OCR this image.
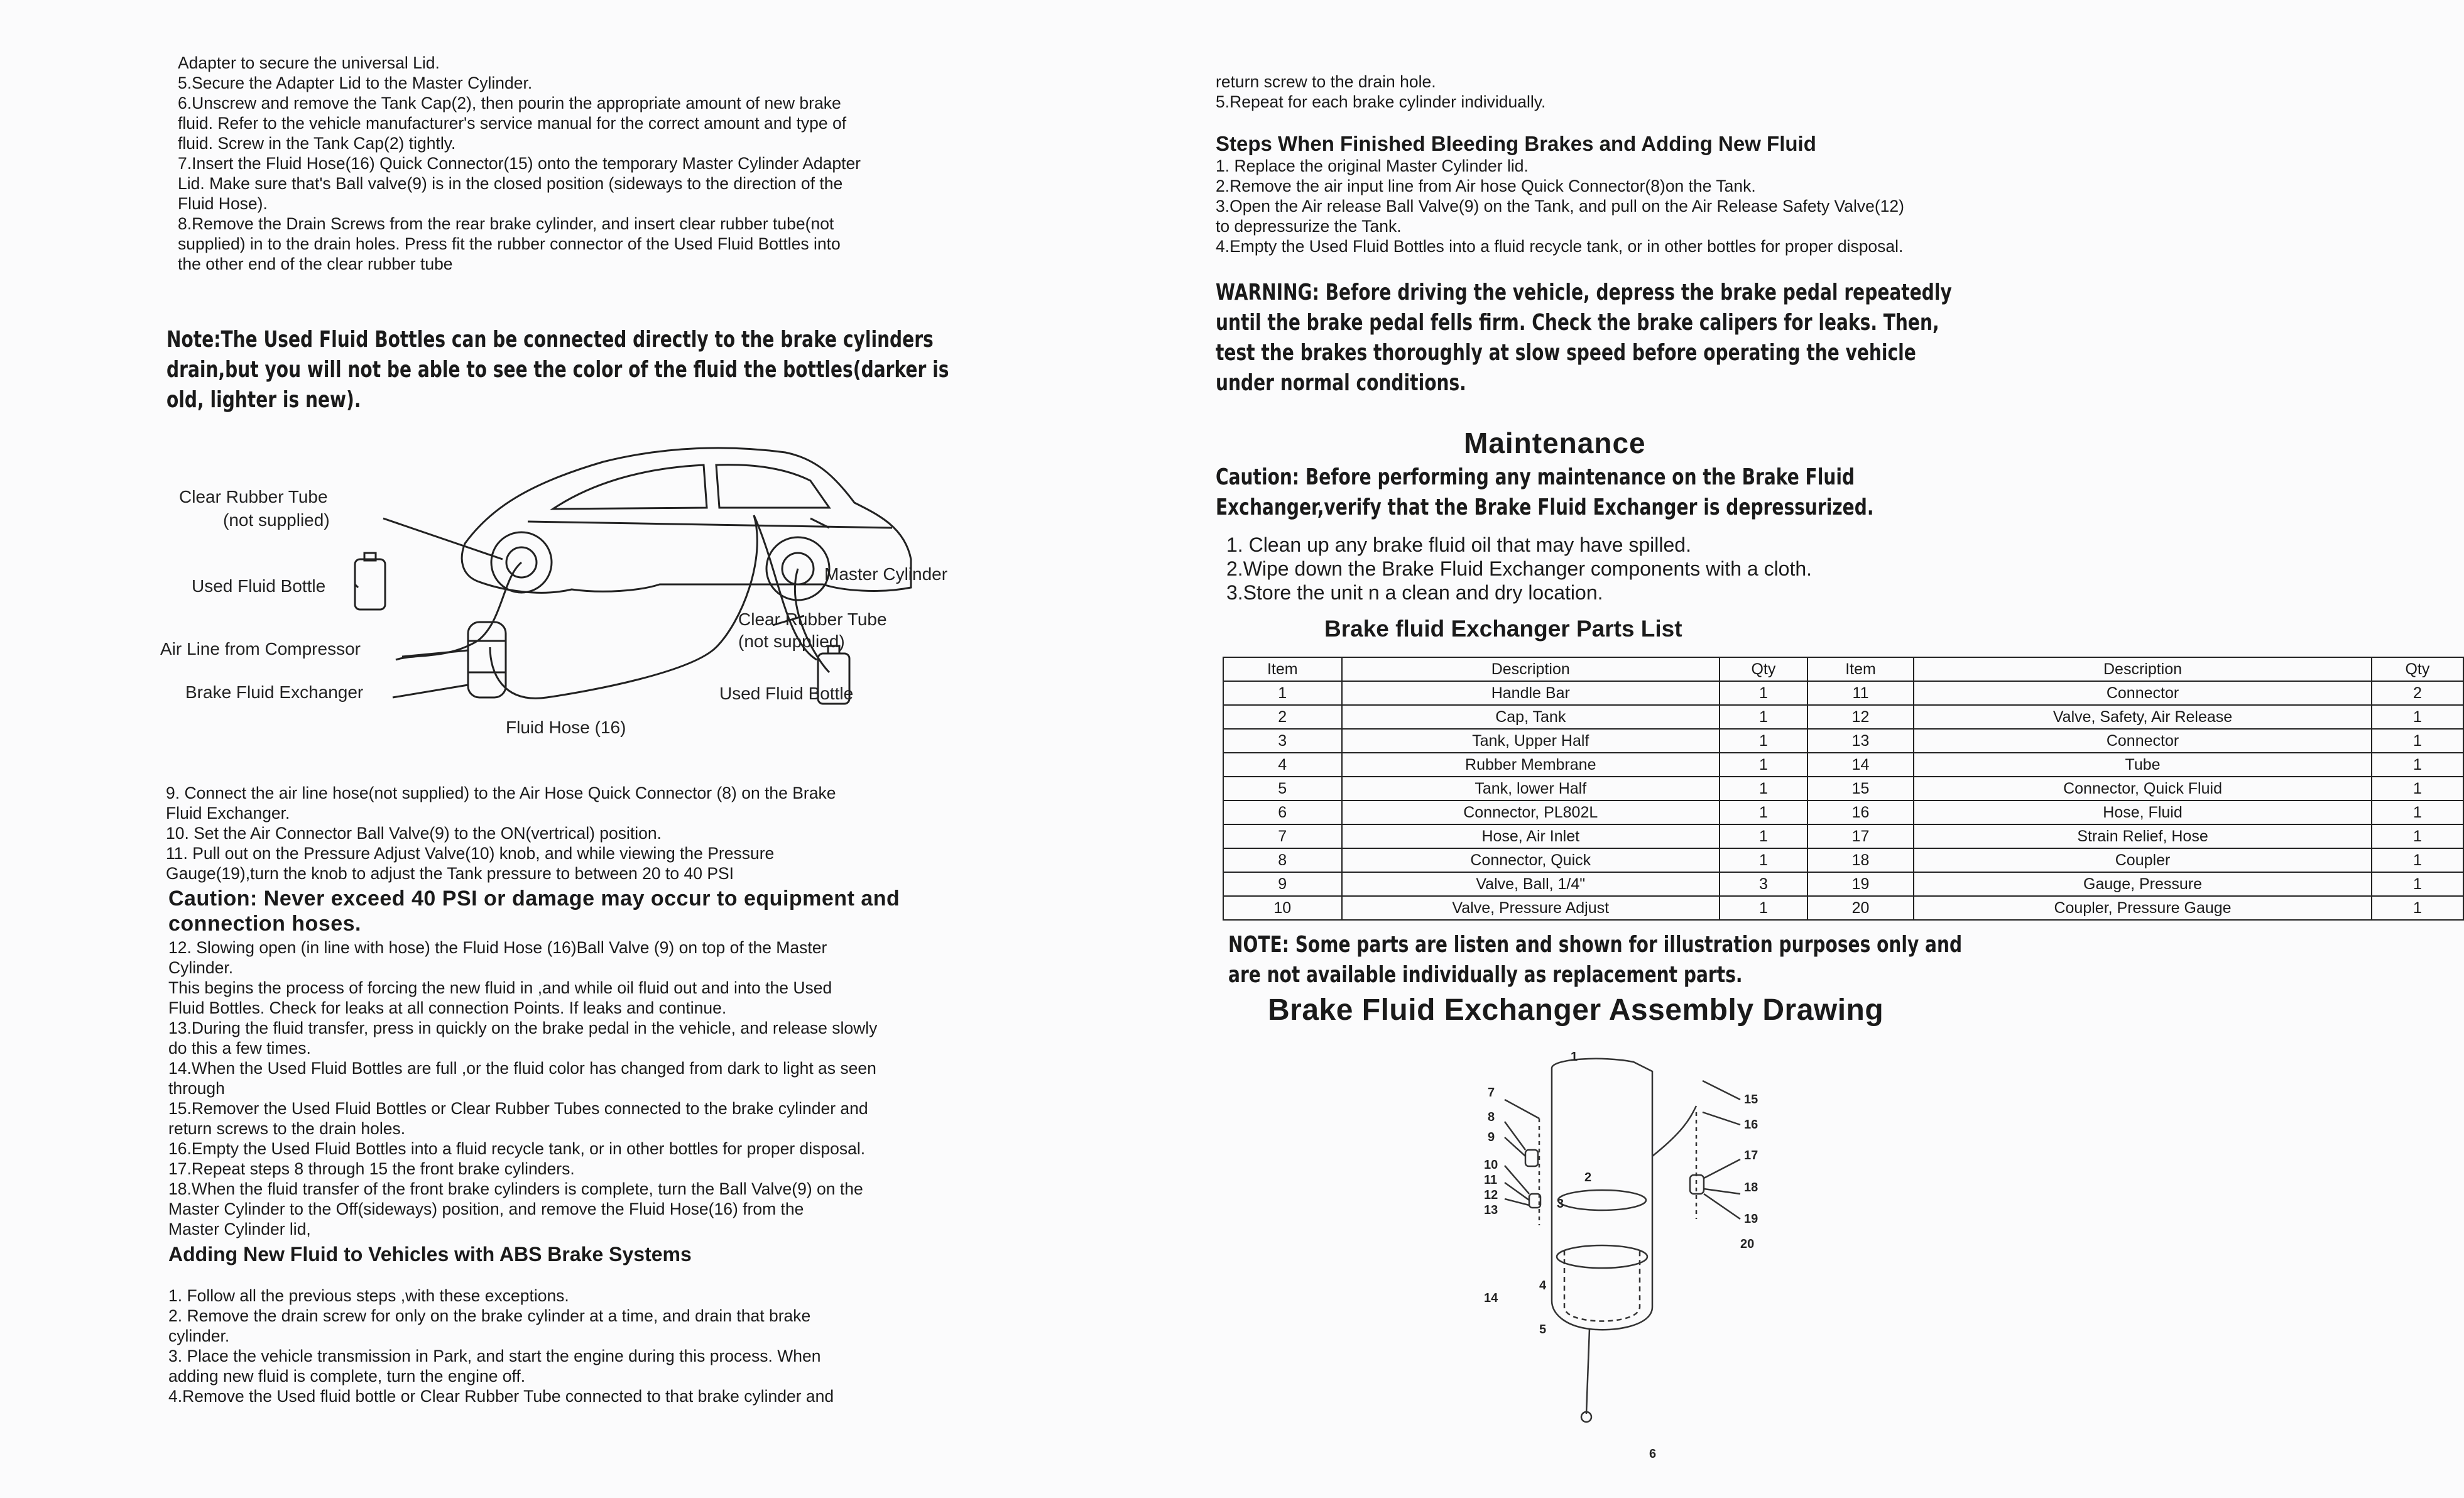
Adapter to secure the universal Lid.
5.Secure the Adapter Lid to the Master Cylinder.
6.Unscrew and remove the Tank Cap(2), then pourin the appropriate amount of new brake
fluid. Refer to the vehicle manufacturer's service manual for the correct amount and type of
fluid. Screw in the Tank Cap(2) tightly.
7.Insert the Fluid Hose(16) Quick Connector(15) onto the temporary Master Cylinder Adapter
Lid. Make sure that's Ball valve(9) is in the closed position (sideways to the direction of the
Fluid Hose).
8.Remove the Drain Screws from the rear brake cylinder, and insert clear rubber tube(not
supplied) in to the drain holes. Press fit the rubber connector of the Used Fluid Bottles into
the other end of the clear rubber tube
Note:The Used Fluid Bottles can be connected directly to the brake cylinders
drain,but you will not be able to see the color of the fluid the bottles(darker is
old, lighter is new).
Clear Rubber Tube
(not supplied)
Used Fluid Bottle
Air Line from Compressor
Brake Fluid Exchanger
Fluid Hose (16)
Master Cylinder
Clear Rubber Tube
(not supplied)
Used Fluid Bottle
9. Connect the air line hose(not supplied) to the Air Hose Quick Connector (8) on the Brake
Fluid Exchanger.
10. Set the Air Connector Ball Valve(9) to the ON(vertrical) position.
11. Pull out on the Pressure Adjust Valve(10) knob, and while viewing the Pressure
Gauge(19),turn the knob to adjust the Tank pressure to between 20 to 40 PSI
Caution: Never exceed 40 PSI or damage may occur to equipment and
connection hoses.
12. Slowing open (in line with hose) the Fluid Hose (16)Ball Valve (9) on top of the Master
Cylinder.
This begins the process of forcing the new fluid in ,and while oil fluid out and into the Used
Fluid Bottles. Check for leaks at all connection Points. If leaks and continue.
13.During the fluid transfer, press in quickly on the brake pedal in the vehicle, and release slowly
do this a few times.
14.When the Used Fluid Bottles are full ,or the fluid color has changed from dark to light as seen
through
15.Remover the Used Fluid Bottles or Clear Rubber Tubes connected to the brake cylinder and
return screws to the drain holes.
16.Empty the Used Fluid Bottles into a fluid recycle tank, or in other bottles for proper disposal.
17.Repeat steps 8 through 15 the front brake cylinders.
18.When the fluid transfer of the front brake cylinders is complete, turn the Ball Valve(9) on the
Master Cylinder to the Off(sideways) position, and remove the Fluid Hose(16) from the
Master Cylinder lid,
Adding New Fluid to Vehicles with ABS Brake Systems
1. Follow all the previous steps ,with these exceptions.
2. Remove the drain screw for only on the brake cylinder at a time, and drain that brake
cylinder.
3. Place the vehicle transmission in Park, and start the engine during this process. When
adding new fluid is complete, turn the engine off.
4.Remove the Used fluid bottle or Clear Rubber Tube connected to that brake cylinder and
return screw to the drain hole.
5.Repeat for each brake cylinder individually.
Steps When Finished Bleeding Brakes and Adding New Fluid
1. Replace the original Master Cylinder lid.
2.Remove the air input line from Air hose Quick Connector(8)on the Tank.
3.Open the Air release Ball Valve(9) on the Tank, and pull on the Air Release Safety Valve(12)
to depressurize the Tank.
4.Empty the Used Fluid Bottles into a fluid recycle tank, or in other bottles for proper disposal.
WARNING: Before driving the vehicle, depress the brake pedal repeatedly
until the brake pedal fells firm. Check the brake calipers for leaks. Then,
test the brakes thoroughly at slow speed before operating the vehicle
under normal conditions.
Maintenance
Caution: Before performing any maintenance on the Brake Fluid
Exchanger,verify that the Brake Fluid Exchanger is depressurized.
1. Clean up any brake fluid oil that may have spilled.
2.Wipe down the Brake Fluid Exchanger components with a cloth.
3.Store the unit n a clean and dry location.
Brake fluid Exchanger Parts List
Item	Description	Qty	Item	Description	Qty
1	Handle Bar	1	11	Connector	2
2	Cap, Tank	1	12	Valve, Safety, Air Release	1
3	Tank, Upper Half	1	13	Connector	1
4	Rubber Membrane	1	14	Tube	1
5	Tank, lower Half	1	15	Connector, Quick Fluid	1
6	Connector, PL802L	1	16	Hose, Fluid	1
7	Hose, Air Inlet	1	17	Strain Relief, Hose	1
8	Connector, Quick	1	18	Coupler	1
9	Valve, Ball, 1/4"	3	19	Gauge, Pressure	1
10	Valve, Pressure Adjust	1	20	Coupler, Pressure Gauge	1
NOTE: Some parts are listen and shown for illustration purposes only and
are not available individually as replacement parts.
Brake Fluid Exchanger Assembly Drawing
1
2
3
4
5
6
7
8
9
10
11
12
13
14
15
16
17
18
19
20
